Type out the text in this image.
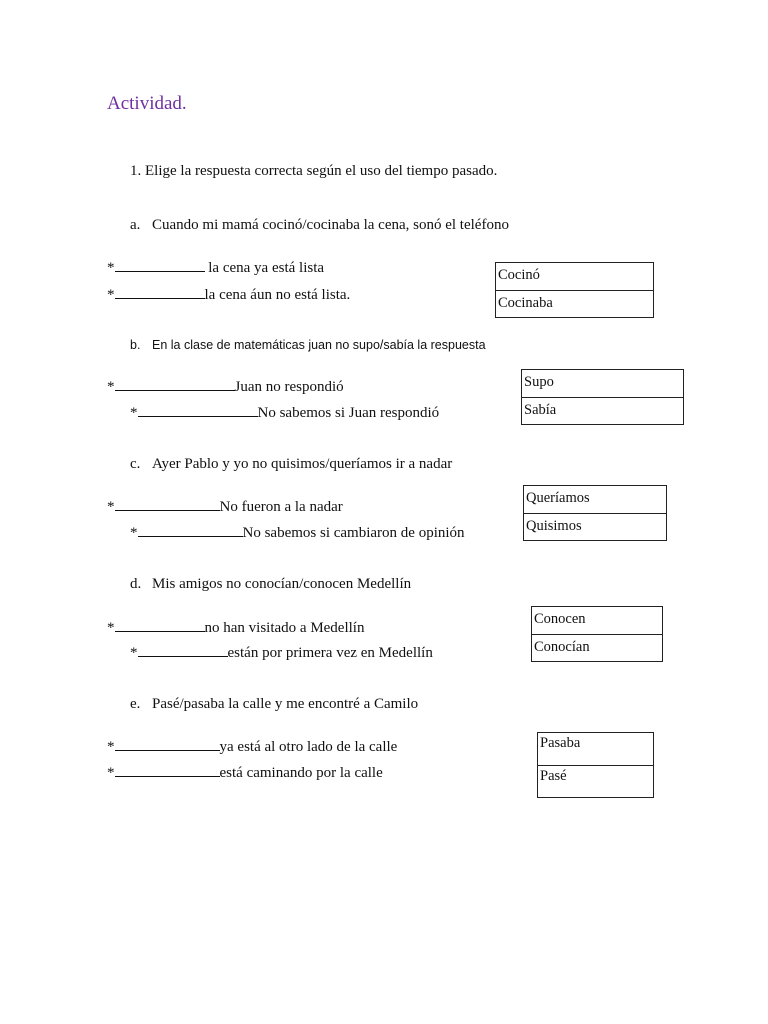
Actividad.
1. Elige la respuesta correcta según el uso del tiempo pasado.
a. Cuando mi mamá cocinó/cocinaba la cena, sonó el teléfono
*	la cena ya está lista
*	la cena áun no está lista.
Cocinó
Cocinaba
b. En la clase de matemáticas juan no supo/sabía la respuesta
*	Juan no respondió
*	No sabemos si Juan respondió
Supo
Sabía
c. Ayer Pablo y yo no quisimos/queríamos ir a nadar
*	No fueron a la nadar
*	No sabemos si cambiaron de opinión
Queríamos
Quisimos
d. Mis amigos no conocían/conocen Medellín
*	no han visitado a Medellín
*	están por primera vez en Medellín
Conocen
Conocían
e. Pasé/pasaba la calle y me encontré a Camilo
*	ya está al otro lado de la calle
*	está caminando por la calle
Pasaba
Pasé
